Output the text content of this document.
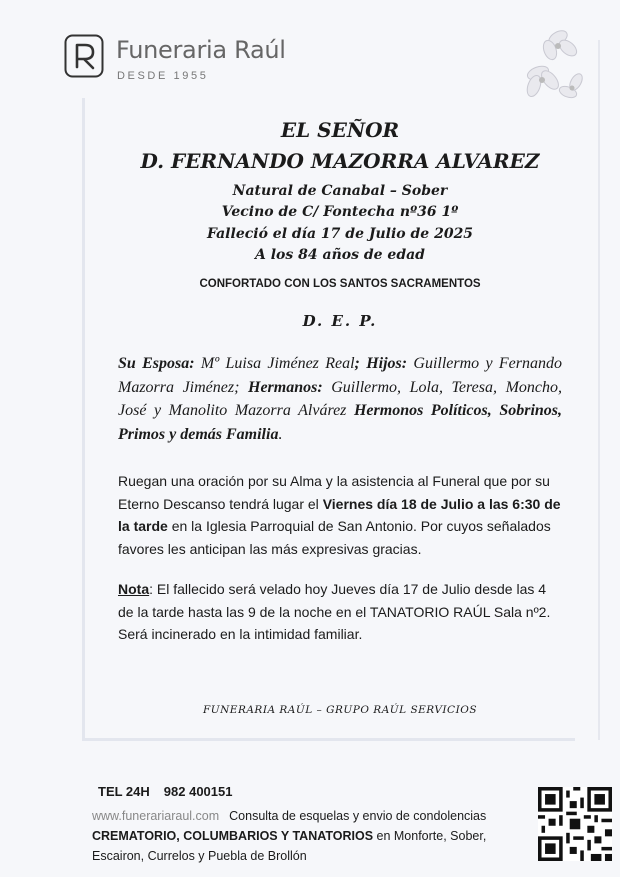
Funeraria Raúl
DESDE 1955
EL SEÑOR
D. FERNANDO MAZORRA ALVAREZ
Natural de Canabal – Sober
Vecino de C/ Fontecha nº36 1º
Falleció el día 17 de Julio de 2025
A los 84 años de edad
CONFORTADO CON LOS SANTOS SACRAMENTOS
D. E. P.
Su Esposa: Mº Luisa Jiménez Real; Hijos: Guillermo y Fernando Mazorra Jiménez; Hermanos: Guillermo, Lola, Teresa, Moncho, José y Manolito Mazorra Alvárez Hermonos Políticos, Sobrinos, Primos y demás Familia.
Ruegan una oración por su Alma y la asistencia al Funeral que por su Eterno Descanso tendrá lugar el Viernes día 18 de Julio a las 6:30 de la tarde en la Iglesia Parroquial de San Antonio. Por cuyos señalados favores les anticipan las más expresivas gracias.
Nota: El fallecido será velado hoy Jueves día 17 de Julio desde las 4 de la tarde hasta las 9 de la noche en el TANATORIO RAÚL Sala nº2. Será incinerado en la intimidad familiar.
FUNERARIA RAÚL – GRUPO RAÚL SERVICIOS
TEL 24H 982 400151
www.funerariaraul.com Consulta de esquelas y envio de condolencias CREMATORIO, COLUMBARIOS Y TANATORIOS en Monforte, Sober, Escairon, Currelos y Puebla de Brollón
